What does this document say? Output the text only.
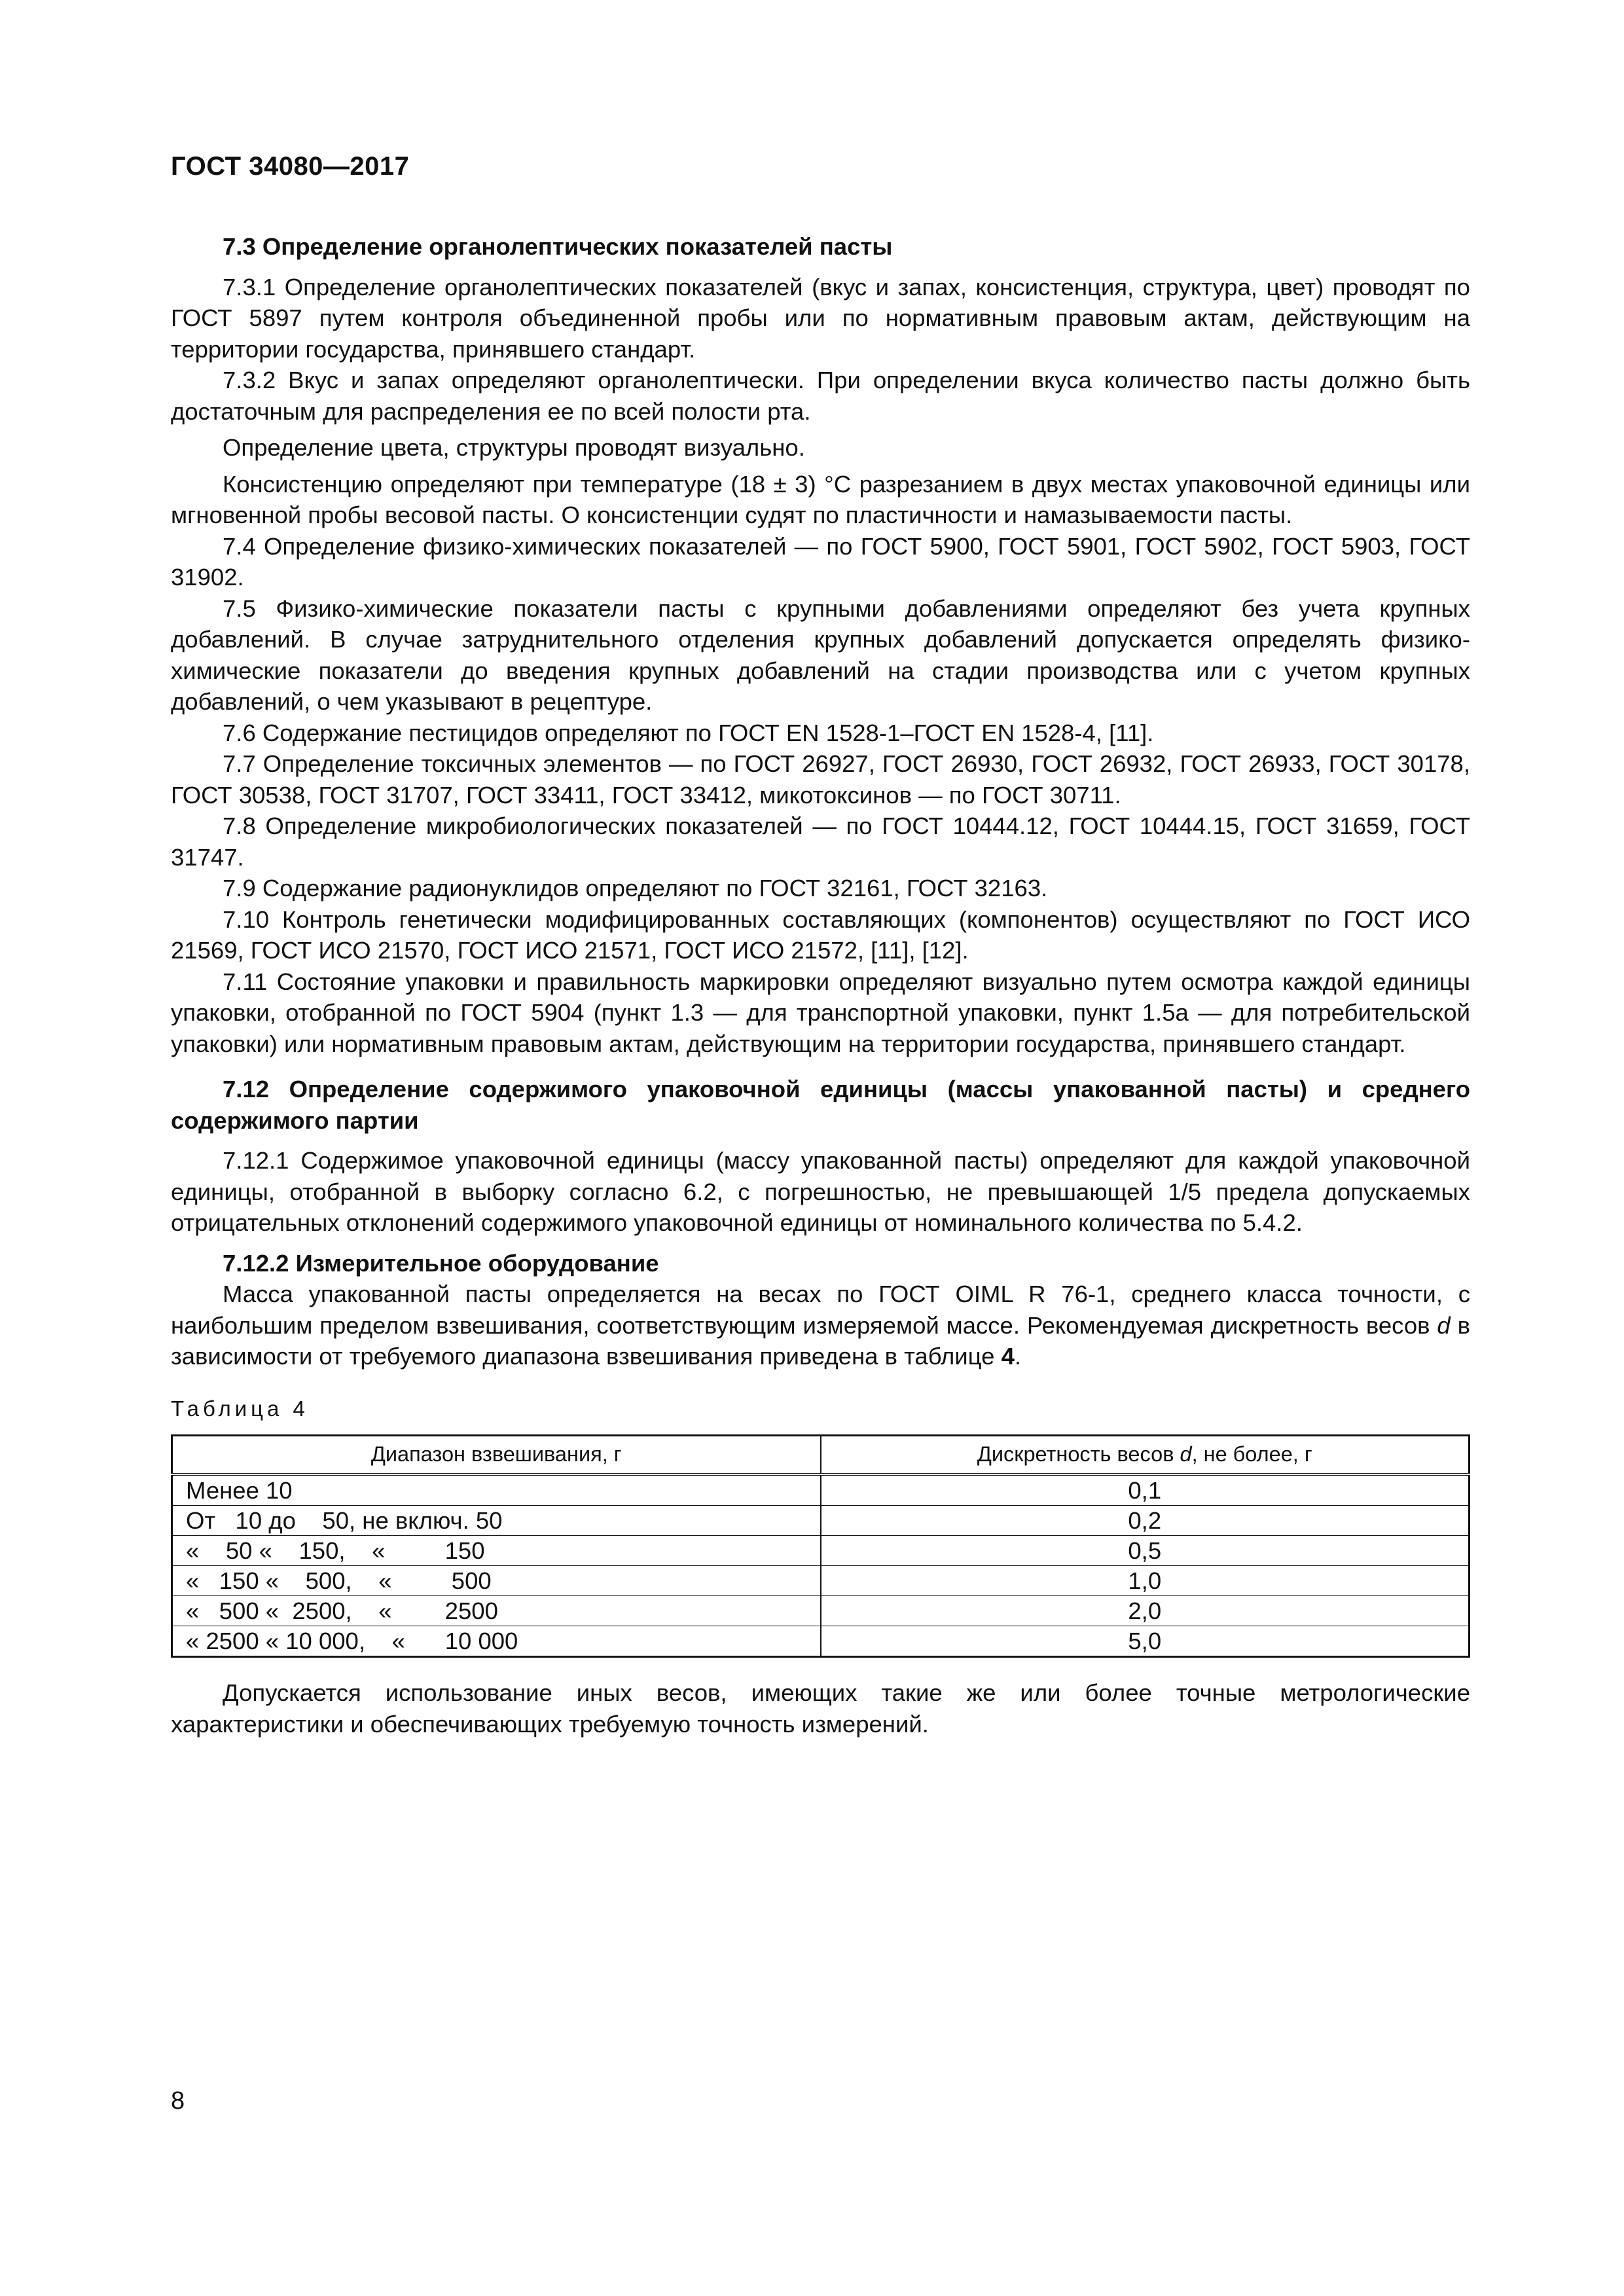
ГОСТ 34080—2017

7.3 Определение органолептических показателей пасты

7.3.1 Определение органолептических показателей (вкус и запах, консистенция, структура, цвет) проводят по ГОСТ 5897 путем контроля объединенной пробы или по нормативным правовым актам, действующим на территории государства, принявшего стандарт.

7.3.2 Вкус и запах определяют органолептически. При определении вкуса количество пасты должно быть достаточным для распределения ее по всей полости рта.

Определение цвета, структуры проводят визуально.

Консистенцию определяют при температуре (18 ± 3) °С разрезанием в двух местах упаковочной единицы или мгновенной пробы весовой пасты. О консистенции судят по пластичности и намазываемости пасты.

7.4 Определение физико-химических показателей — по ГОСТ 5900, ГОСТ 5901, ГОСТ 5902, ГОСТ 5903, ГОСТ 31902.

7.5 Физико-химические показатели пасты с крупными добавлениями определяют без учета крупных добавлений. В случае затруднительного отделения крупных добавлений допускается определять физико-химические показатели до введения крупных добавлений на стадии производства или с учетом крупных добавлений, о чем указывают в рецептуре.

7.6 Содержание пестицидов определяют по ГОСТ EN 1528-1–ГОСТ EN 1528-4, [11].

7.7 Определение токсичных элементов — по ГОСТ 26927, ГОСТ 26930, ГОСТ 26932, ГОСТ 26933, ГОСТ 30178, ГОСТ 30538, ГОСТ 31707, ГОСТ 33411, ГОСТ 33412, микотоксинов — по ГОСТ 30711.

7.8 Определение микробиологических показателей — по ГОСТ 10444.12, ГОСТ 10444.15, ГОСТ 31659, ГОСТ 31747.

7.9 Содержание радионуклидов определяют по ГОСТ 32161, ГОСТ 32163.

7.10 Контроль генетически модифицированных составляющих (компонентов) осуществляют по ГОСТ ИСО 21569, ГОСТ ИСО 21570, ГОСТ ИСО 21571, ГОСТ ИСО 21572, [11], [12].

7.11 Состояние упаковки и правильность маркировки определяют визуально путем осмотра каждой единицы упаковки, отобранной по ГОСТ 5904 (пункт 1.3 — для транспортной упаковки, пункт 1.5а — для потребительской упаковки) или нормативным правовым актам, действующим на территории государства, принявшего стандарт.

7.12 Определение содержимого упаковочной единицы (массы упакованной пасты) и среднего содержимого партии

7.12.1 Содержимое упаковочной единицы (массу упакованной пасты) определяют для каждой упаковочной единицы, отобранной в выборку согласно 6.2, с погрешностью, не превышающей 1/5 предела допускаемых отрицательных отклонений содержимого упаковочной единицы от номинального количества по 5.4.2.

7.12.2 Измерительное оборудование

Масса упакованной пасты определяется на весах по ГОСТ OIML R 76-1, среднего класса точности, с наибольшим пределом взвешивания, соответствующим измеряемой массе. Рекомендуемая дискретность весов d в зависимости от требуемого диапазона взвешивания приведена в таблице 4.

Таблица 4
Диапазон взвешивания, г	Дискретность весов d, не более, г
Менее 10	0,1
От   10 до    50, не включ. 50	0,2
«    50 «    150,    «         150	0,5
«   150 «    500,    «         500	1,0
«   500 «  2500,    «        2500	2,0
« 2500 « 10 000,    «      10 000	5,0

Допускается использование иных весов, имеющих такие же или более точные метрологические характеристики и обеспечивающих требуемую точность измерений.

8
